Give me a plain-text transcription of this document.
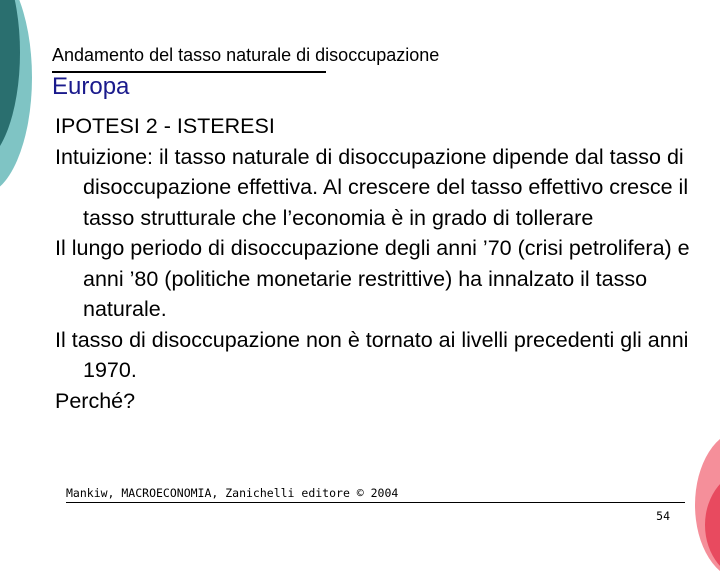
Andamento del tasso naturale di disoccupazione
Europa

IPOTESI 2 - ISTERESI

Intuizione: il tasso naturale di disoccupazione dipende dal tasso di disoccupazione effettiva. Al crescere del tasso effettivo cresce il tasso strutturale che l’economia è in grado di tollerare

Il lungo periodo di disoccupazione degli anni ’70 (crisi petrolifera) e anni ’80 (politiche monetarie restrittive) ha innalzato il tasso naturale.

Il tasso di disoccupazione non è tornato ai livelli precedenti gli anni 1970.

Perché?

Mankiw, MACROECONOMIA, Zanichelli editore © 2004
54
